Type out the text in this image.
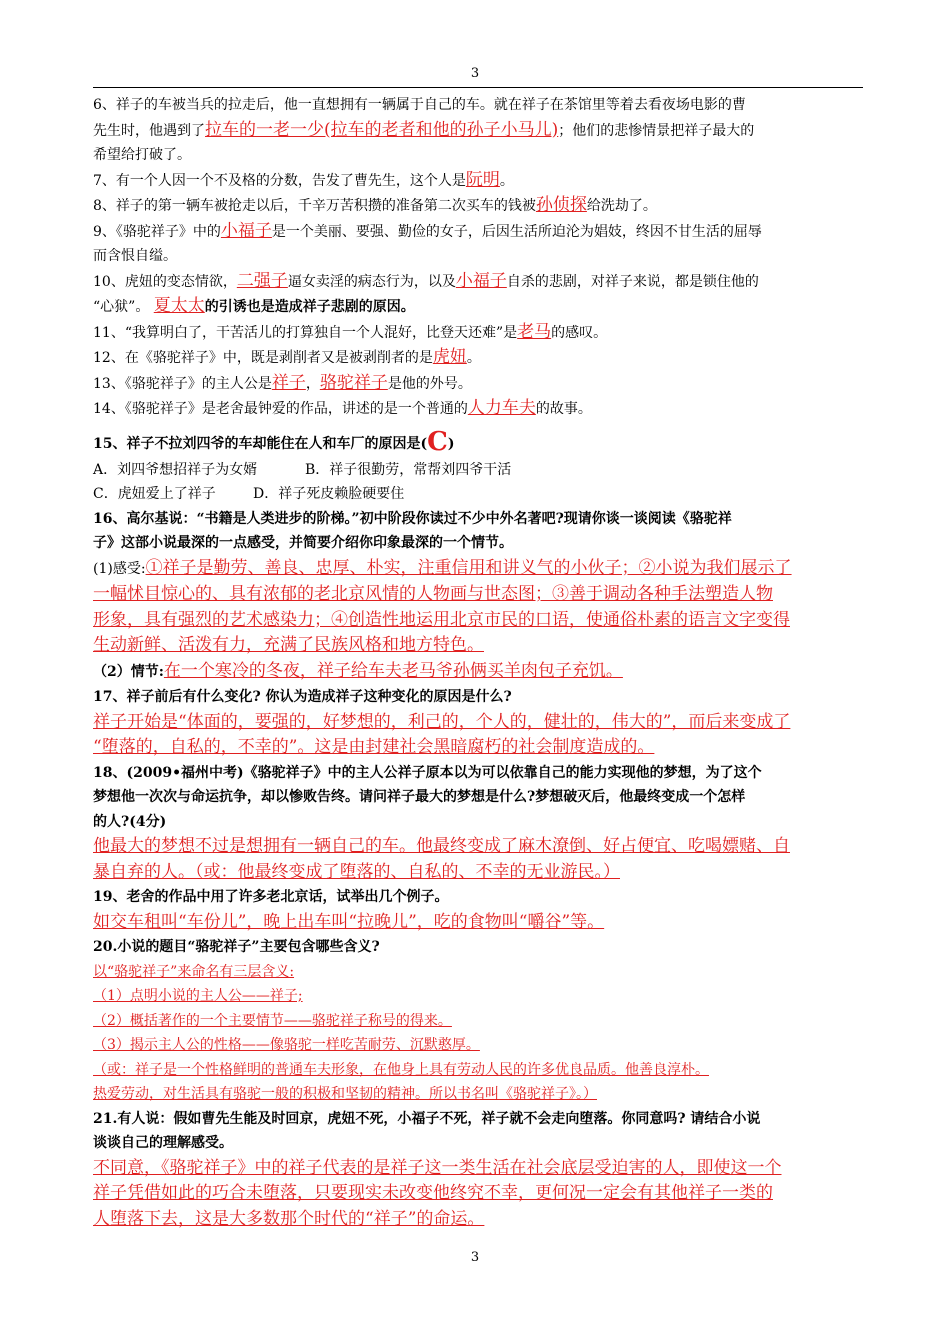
3
6、祥子的车被当兵的拉走后，他一直想拥有一辆属于自己的车。就在祥子在茶馆里等着去看夜场电影的曹
先生时，他遇到了拉车的一老一少(拉车的老者和他的孙子小马儿)；他们的悲惨情景把祥子最大的
希望给打破了。
7、有一个人因一个不及格的分数，告发了曹先生，这个人是阮明。
8、祥子的第一辆车被抢走以后，千辛万苦积攒的准备第二次买车的钱被孙侦探给洗劫了。
9、《骆驼祥子》中的小福子是一个美丽、要强、勤俭的女子，后因生活所迫沦为娼妓，终因不甘生活的屈辱
而含恨自缢。
10、虎妞的变态情欲，二强子逼女卖淫的病态行为，以及小福子自杀的悲剧，对祥子来说，都是锁住他的
“心狱”。 夏太太的引诱也是造成祥子悲剧的原因。
11、“我算明白了，干苦活儿的打算独自一个人混好，比登天还难”是老马的感叹。
12、在《骆驼祥子》中，既是剥削者又是被剥削者的是虎妞。
13、《骆驼祥子》的主人公是祥子，骆驼祥子是他的外号。
14、《骆驼祥子》是老舍最钟爱的作品，讲述的是一个普通的人力车夫的故事。
15、祥子不拉刘四爷的车却能住在人和车厂的原因是(C)
A．刘四爷想招祥子为女婿	B．祥子很勤劳，常帮刘四爷干活
C．虎妞爱上了祥子	D．祥子死皮赖脸硬要住
16、高尔基说：“书籍是人类进步的阶梯。”初中阶段你读过不少中外名著吧?现请你谈一谈阅读《骆驼祥
子》这部小说最深的一点感受，并简要介绍你印象最深的一个情节。
(1)感受:①祥子是勤劳、善良、忠厚、朴实，注重信用和讲义气的小伙子；②小说为我们展示了
一幅怵目惊心的、具有浓郁的老北京风情的人物画与世态图；③善于调动各种手法塑造人物
形象，具有强烈的艺术感染力；④创造性地运用北京市民的口语，使通俗朴素的语言文字变得
生动新鲜、活泼有力，充满了民族风格和地方特色。
（2）情节:在一个寒冷的冬夜，祥子给车夫老马爷孙俩买羊肉包子充饥。
17、祥子前后有什么变化? 你认为造成祥子这种变化的原因是什么?
祥子开始是“体面的，要强的，好梦想的，利己的，个人的，健壮的，伟大的”，而后来变成了
“堕落的，自私的，不幸的”。这是由封建社会黑暗腐朽的社会制度造成的。
18、(2009•福州中考)《骆驼祥子》中的主人公祥子原本以为可以依靠自己的能力实现他的梦想，为了这个
梦想他一次次与命运抗争，却以惨败告终。请问祥子最大的梦想是什么?梦想破灭后，他最终变成一个怎样
的人?(4分)
他最大的梦想不过是想拥有一辆自己的车。他最终变成了麻木潦倒、好占便宜、吃喝嫖赌、自
暴自弃的人。（或：他最终变成了堕落的、自私的、不幸的无业游民。）
19、老舍的作品中用了许多老北京话，试举出几个例子。
如交车租叫“车份儿”，晚上出车叫“拉晚儿”，吃的食物叫“嚼谷”等。
20.小说的题目“骆驼祥子”主要包含哪些含义?
以“骆驼祥子”来命名有三层含义:
（1）点明小说的主人公——祥子;
（2）概括著作的一个主要情节——骆驼祥子称号的得来。
（3）揭示主人公的性格——像骆驼一样吃苦耐劳、沉默憨厚。
（或：祥子是一个性格鲜明的普通车夫形象，在他身上具有劳动人民的许多优良品质。他善良淳朴。
热爱劳动，对生活具有骆驼一般的积极和坚韧的精神。所以书名叫《骆驼祥子》。）
21.有人说：假如曹先生能及时回京，虎妞不死，小福子不死，祥子就不会走向堕落。你同意吗? 请结合小说
谈谈自己的理解感受。
不同意，《骆驼祥子》中的祥子代表的是祥子这一类生活在社会底层受迫害的人，即使这一个
祥子凭借如此的巧合未堕落，只要现实未改变他终究不幸，更何况一定会有其他祥子一类的
人堕落下去，这是大多数那个时代的“祥子”的命运。
3
